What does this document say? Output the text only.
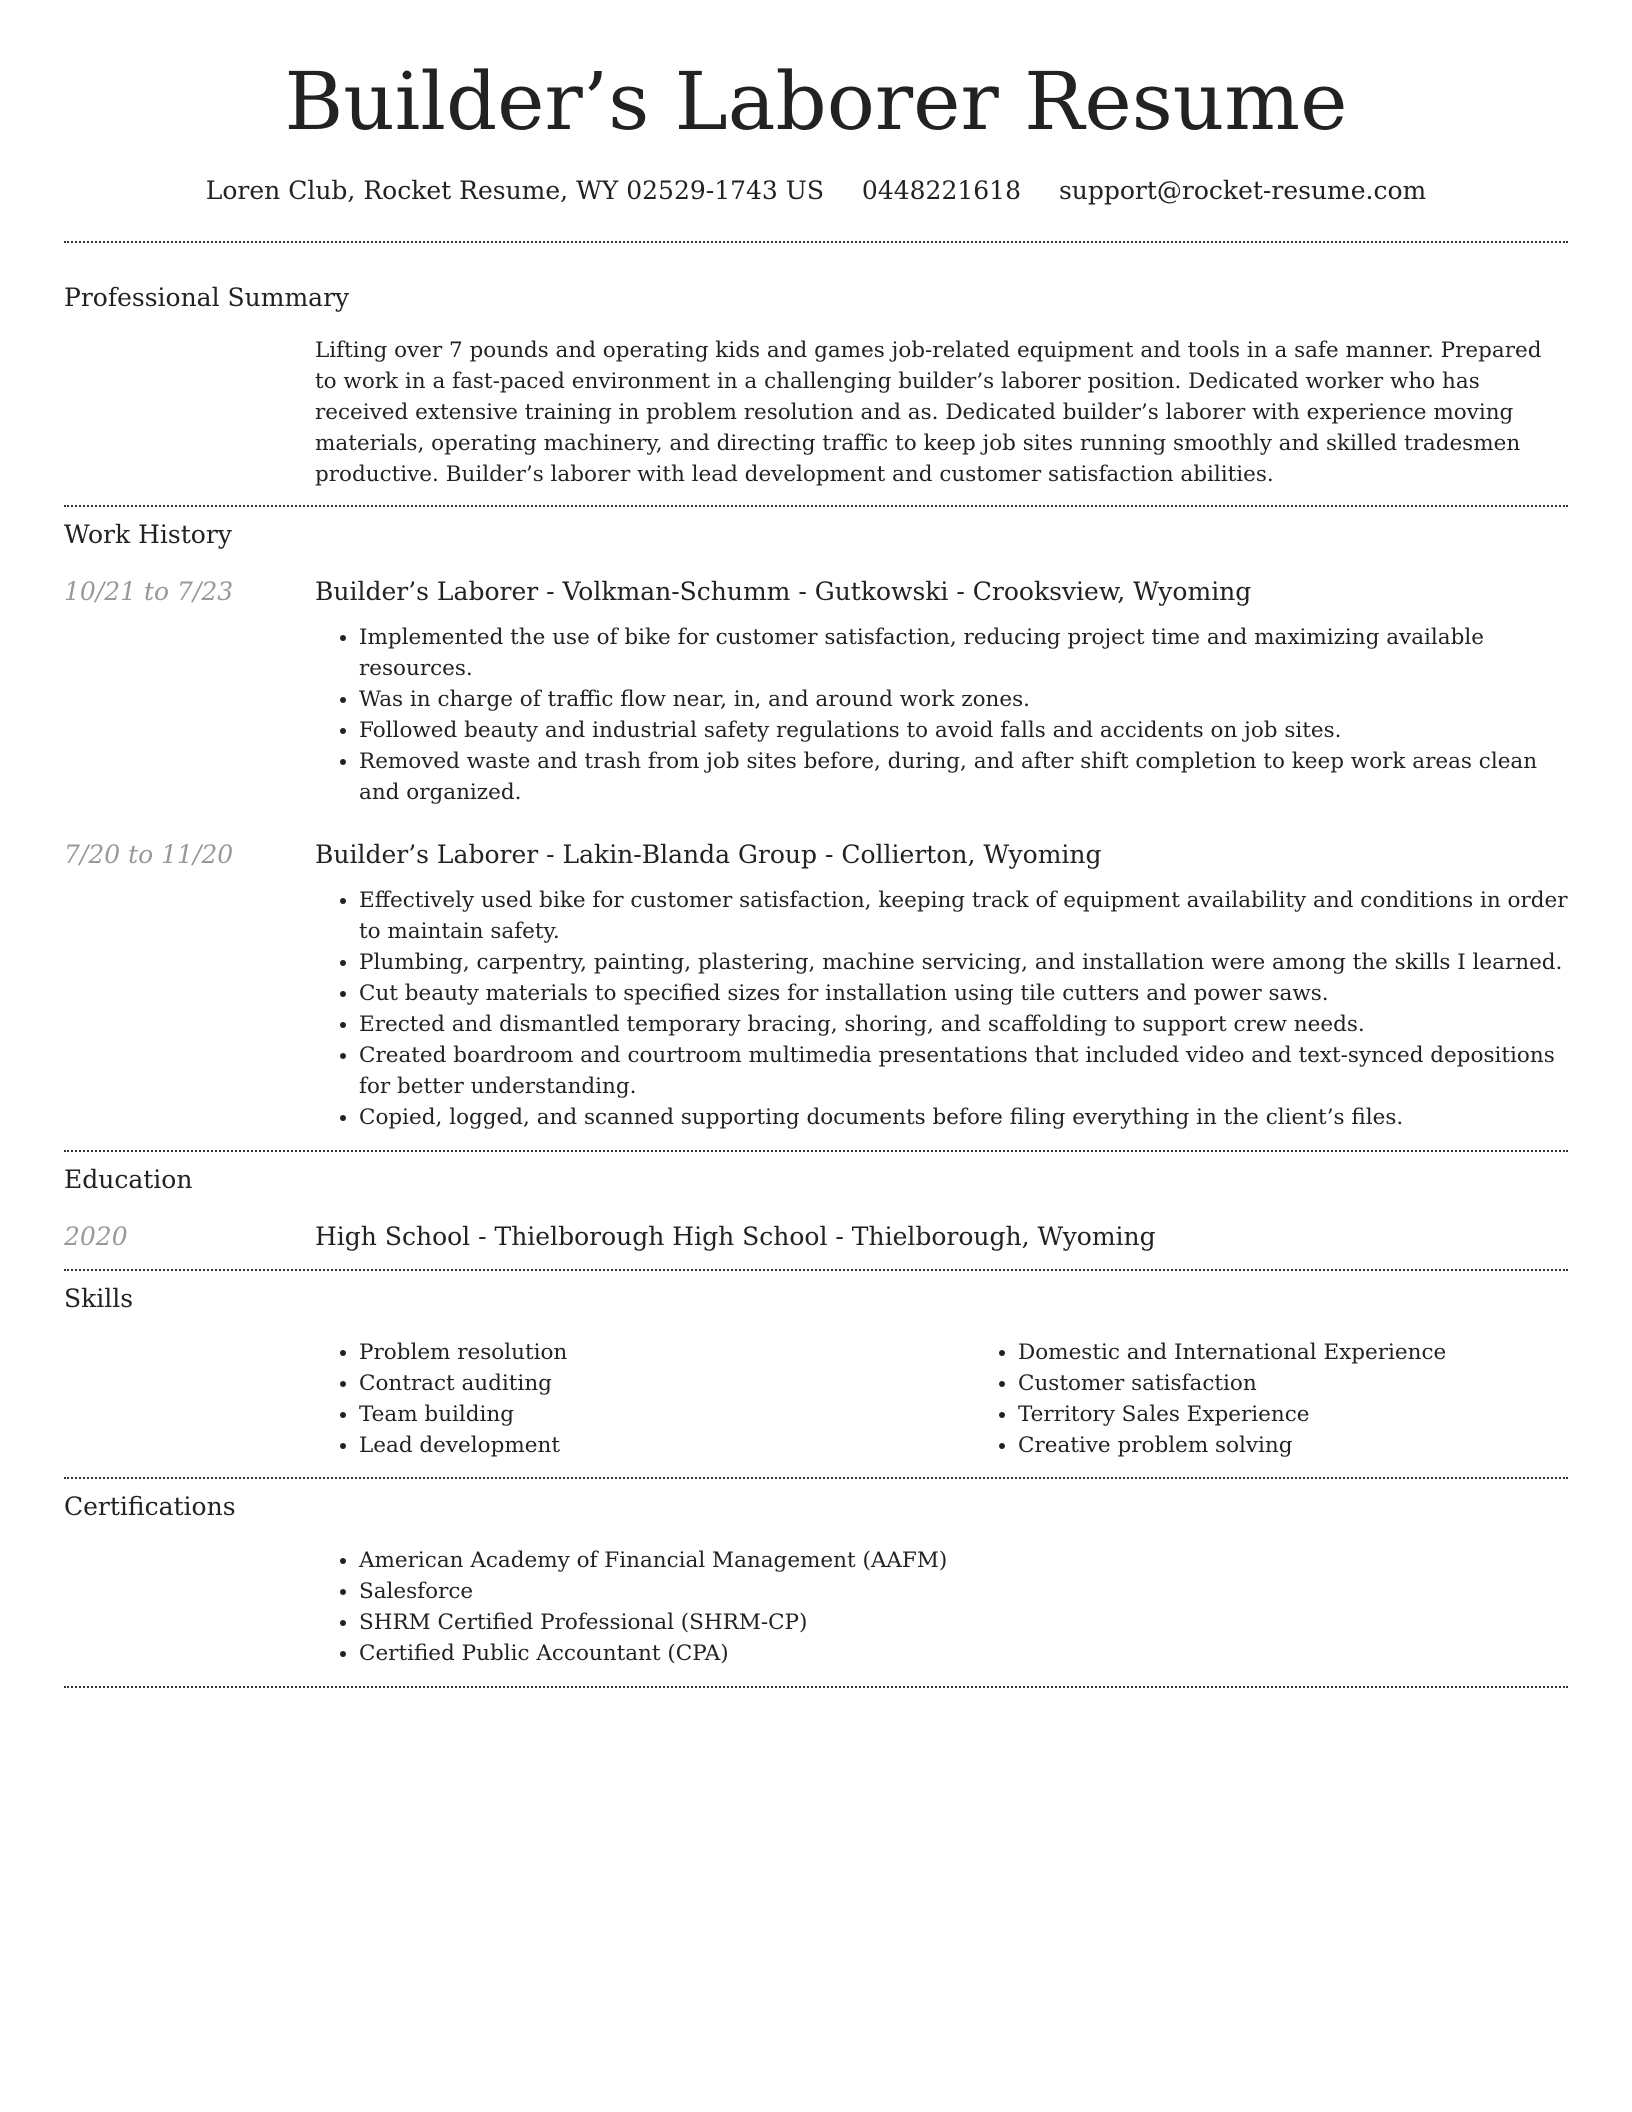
Builder’s Laborer Resume
Loren Club, Rocket Resume, WY 02529-1743 US 0448221618 support@rocket-resume.com
Professional Summary

Lifting over 7 pounds and operating kids and games job-related equipment and tools in a safe manner. Prepared to work in a fast-paced environment in a challenging builder’s laborer position. Dedicated worker who has received extensive training in problem resolution and as. Dedicated builder’s laborer with experience moving materials, operating machinery, and directing traffic to keep job sites running smoothly and skilled tradesmen productive. Builder’s laborer with lead development and customer satisfaction abilities.

Work History
10/21 to 7/23	Builder’s Laborer - Volkman-Schumm - Gutkowski - Crooksview, Wyoming
• Implemented the use of bike for customer satisfaction, reducing project time and maximizing available resources.
• Was in charge of traffic flow near, in, and around work zones.
• Followed beauty and industrial safety regulations to avoid falls and accidents on job sites.
• Removed waste and trash from job sites before, during, and after shift completion to keep work areas clean and organized.
7/20 to 11/20	Builder’s Laborer - Lakin-Blanda Group - Collierton, Wyoming
• Effectively used bike for customer satisfaction, keeping track of equipment availability and conditions in order to maintain safety.
• Plumbing, carpentry, painting, plastering, machine servicing, and installation were among the skills I learned.
• Cut beauty materials to specified sizes for installation using tile cutters and power saws.
• Erected and dismantled temporary bracing, shoring, and scaffolding to support crew needs.
• Created boardroom and courtroom multimedia presentations that included video and text-synced depositions for better understanding.
• Copied, logged, and scanned supporting documents before filing everything in the client’s files.
Education
2020	High School - Thielborough High School - Thielborough, Wyoming
Skills
• Problem resolution
• Contract auditing
• Team building
• Lead development
• Domestic and International Experience
• Customer satisfaction
• Territory Sales Experience
• Creative problem solving
Certifications
• American Academy of Financial Management (AAFM)
• Salesforce
• SHRM Certified Professional (SHRM-CP)
• Certified Public Accountant (CPA)
